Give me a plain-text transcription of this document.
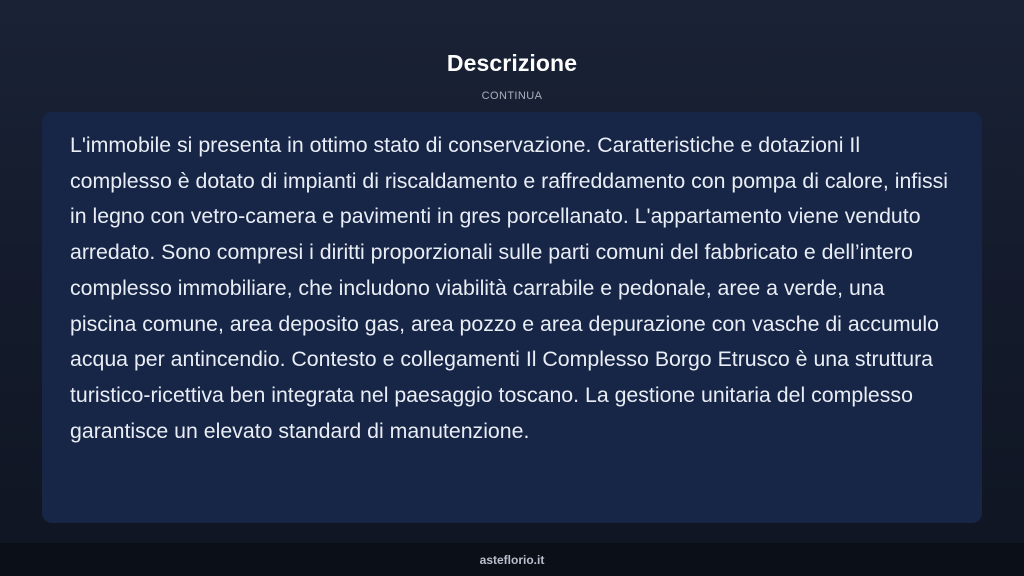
Descrizione
CONTINUA

L'immobile si presenta in ottimo stato di conservazione. Caratteristiche e dotazioni Il complesso è dotato di impianti di riscaldamento e raffreddamento con pompa di calore, infissi in legno con vetro-camera e pavimenti in gres porcellanato. L'appartamento viene venduto arredato. Sono compresi i diritti proporzionali sulle parti comuni del fabbricato e dell’intero complesso immobiliare, che includono viabilità carrabile e pedonale, aree a verde, una piscina comune, area deposito gas, area pozzo e area depurazione con vasche di accumulo acqua per antincendio. Contesto e collegamenti Il Complesso Borgo Etrusco è una struttura turistico-ricettiva ben integrata nel paesaggio toscano. La gestione unitaria del complesso garantisce un elevato standard di manutenzione.

asteflorio.it
